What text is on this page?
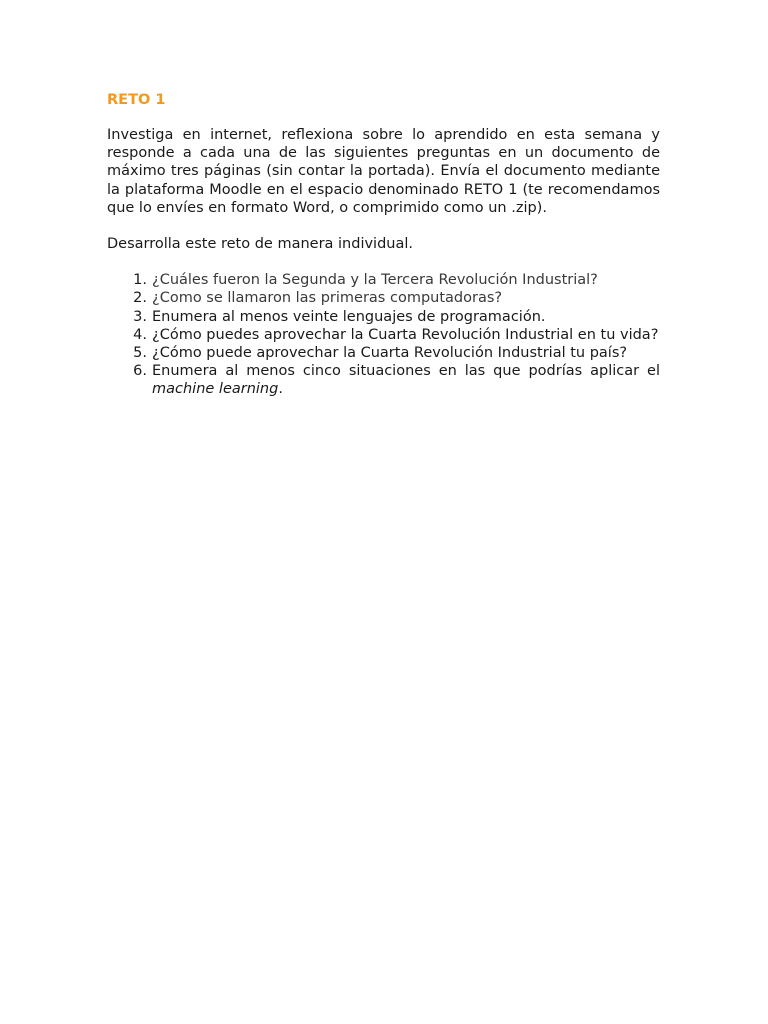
RETO 1

Investiga en internet, reflexiona sobre lo aprendido en esta semana y responde a cada una de las siguientes preguntas en un documento de máximo tres páginas (sin contar la portada). Envía el documento mediante la plataforma Moodle en el espacio denominado RETO 1 (te recomendamos que lo envíes en formato Word, o comprimido como un .zip).

Desarrolla este reto de manera individual.

1. ¿Cuáles fueron la Segunda y la Tercera Revolución Industrial?
2. ¿Como se llamaron las primeras computadoras?
3. Enumera al menos veinte lenguajes de programación.
4. ¿Cómo puedes aprovechar la Cuarta Revolución Industrial en tu vida?
5. ¿Cómo puede aprovechar la Cuarta Revolución Industrial tu país?
6. Enumera al menos cinco situaciones en las que podrías aplicar el machine learning.
